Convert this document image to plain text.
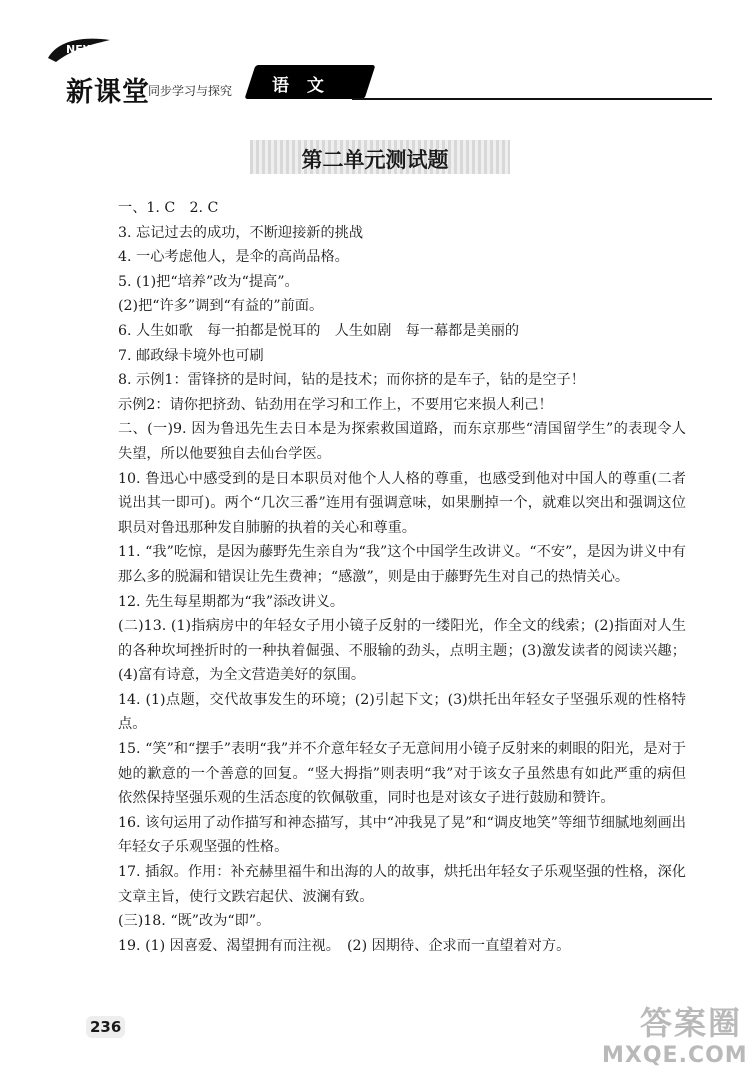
NEW
新课堂
同步学习与探究 语 文
第二单元测试题

一、1. C　2. C

3. 忘记过去的成功，不断迎接新的挑战

4. 一心考虑他人，是伞的高尚品格。

5. (1)把“培养”改为“提高”。

(2)把“许多”调到“有益的”前面。

6. 人生如歌　每一拍都是悦耳的　人生如剧　每一幕都是美丽的

7. 邮政绿卡境外也可刷

8. 示例1：雷锋挤的是时间，钻的是技术；而你挤的是车子，钻的是空子！

示例2：请你把挤劲、钻劲用在学习和工作上，不要用它来损人利己！

二、(一)9. 因为鲁迅先生去日本是为探索救国道路，而东京那些“清国留学生”的表现令人失望，所以他要独自去仙台学医。

10. 鲁迅心中感受到的是日本职员对他个人人格的尊重，也感受到他对中国人的尊重(二者说出其一即可)。两个“几次三番”连用有强调意味，如果删掉一个，就难以突出和强调这位职员对鲁迅那种发自肺腑的执着的关心和尊重。

11. “我”吃惊，是因为藤野先生亲自为“我”这个中国学生改讲义。“不安”，是因为讲义中有那么多的脱漏和错误让先生费神；“感激”，则是由于藤野先生对自己的热情关心。

12. 先生每星期都为“我”添改讲义。

(二)13. (1)指病房中的年轻女子用小镜子反射的一缕阳光，作全文的线索；(2)指面对人生的各种坎坷挫折时的一种执着倔强、不服输的劲头，点明主题；(3)激发读者的阅读兴趣；(4)富有诗意，为全文营造美好的氛围。

14. (1)点题，交代故事发生的环境；(2)引起下文；(3)烘托出年轻女子坚强乐观的性格特点。

15. “笑”和“摆手”表明“我”并不介意年轻女子无意间用小镜子反射来的刺眼的阳光，是对于她的歉意的一个善意的回复。“竖大拇指”则表明“我”对于该女子虽然患有如此严重的病但依然保持坚强乐观的生活态度的钦佩敬重，同时也是对该女子进行鼓励和赞许。

16. 该句运用了动作描写和神态描写，其中“冲我晃了晃”和“调皮地笑”等细节细腻地刻画出年轻女子乐观坚强的性格。

17. 插叙。作用：补充赫里福牛和出海的人的故事，烘托出年轻女子乐观坚强的性格，深化文章主旨，使行文跌宕起伏、波澜有致。

(三)18. “既”改为“即”。

19. (1) 因喜爱、渴望拥有而注视。　(2) 因期待、企求而一直望着对方。

236	答案圈
MXQE.COM
